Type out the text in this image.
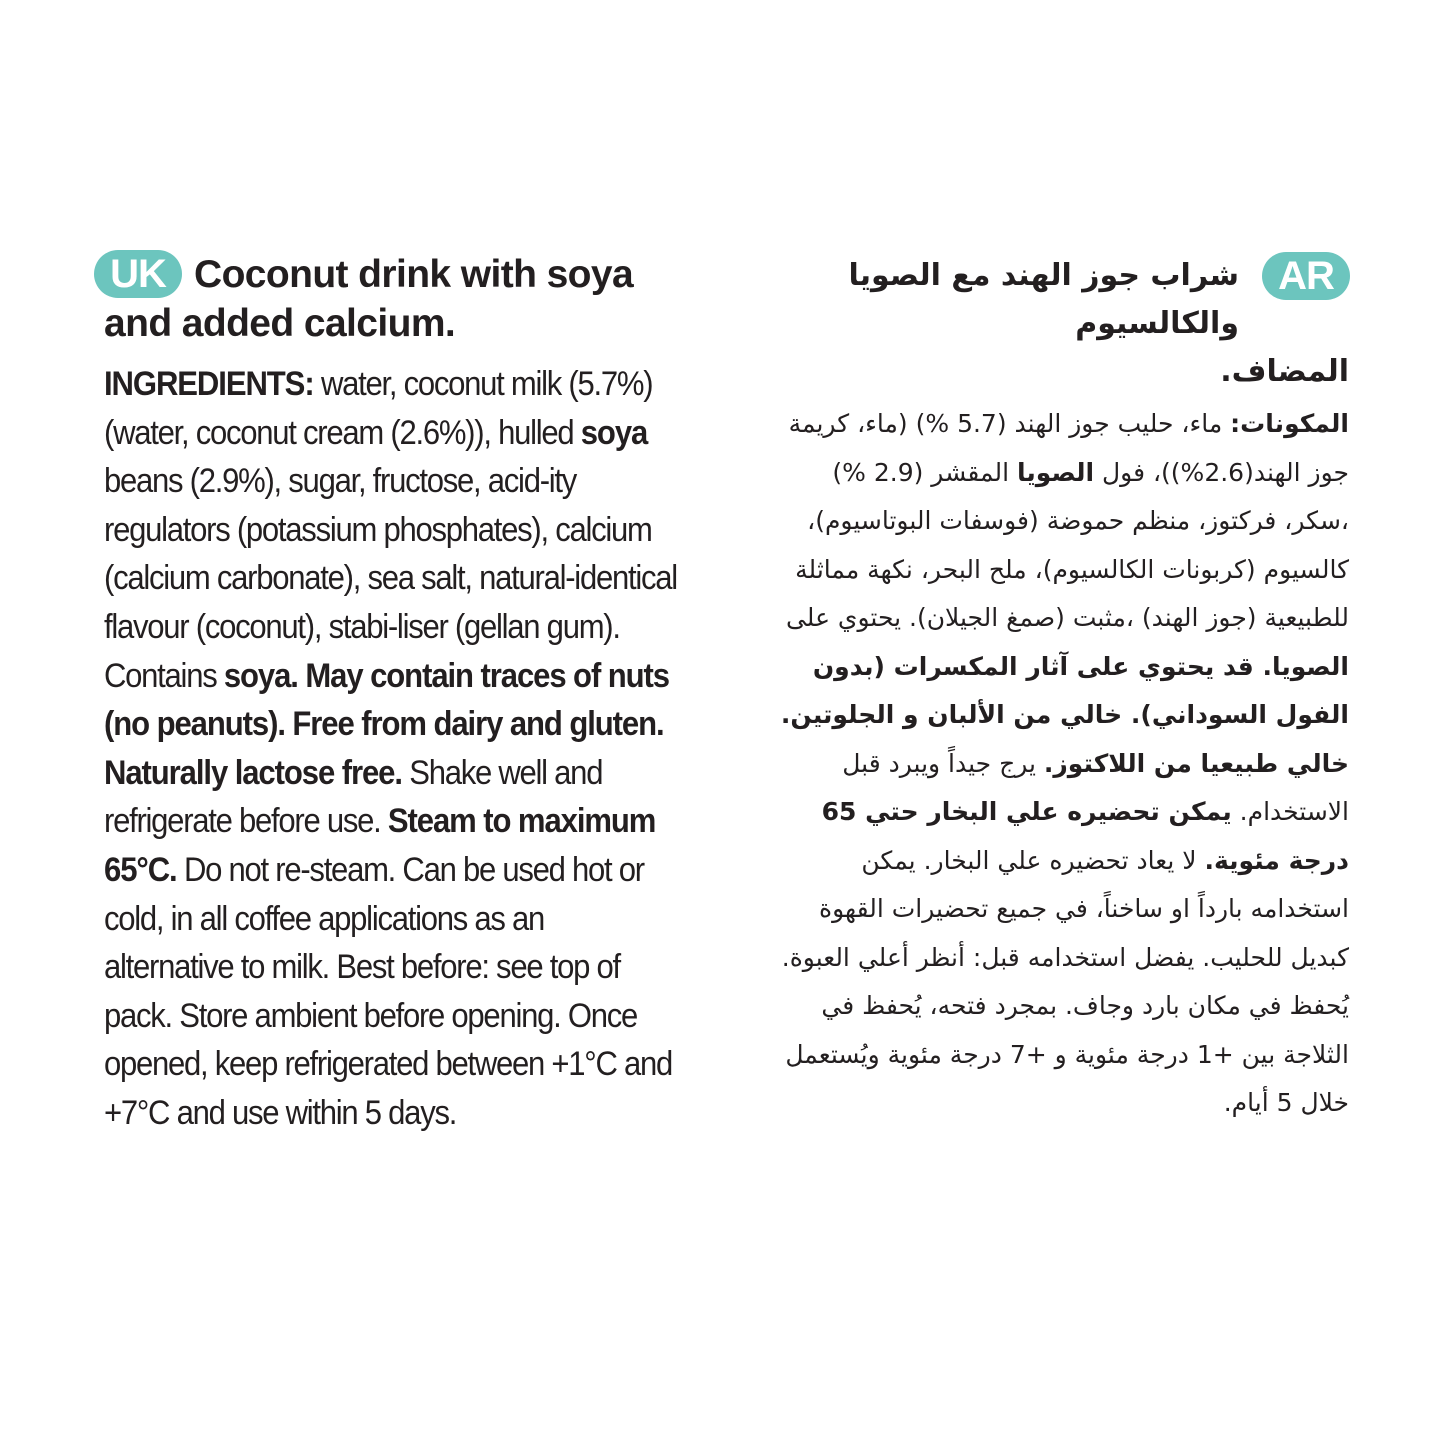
UK	AR

Coconut drink with soya and added calcium.

INGREDIENTS: water, coconut milk (5.7%) (water, coconut cream (2.6%)), hulled soya beans (2.9%), sugar, fructose, acid-ity regulators (potassium phosphates), calcium (calcium carbonate), sea salt, natural-identical flavour (coconut), stabi-liser (gellan gum). Contains soya. May contain traces of nuts (no peanuts). Free from dairy and gluten. Naturally lactose free. Shake well and refrigerate before use. Steam to maximum 65°C. Do not re-steam. Can be used hot or cold, in all coffee applications as an alternative to milk. Best before: see top of pack. Store ambient before opening. Once opened, keep refrigerated between +1°C and +7°C and use within 5 days.

شراب جوز الهند مع الصويا والكالسيوم

المضاف.

المكونات: ماء، حليب جوز الهند (5.7 %) (ماء، كريمة جوز الهند(2.6%))، فول الصويا المقشر (2.9 %) ،سكر، فركتوز، منظم حموضة (فوسفات البوتاسيوم)، كالسيوم (كربونات الكالسيوم)، ملح البحر، نكهة مماثلة للطبيعية (جوز الهند) ،مثبت (صمغ الجيلان). يحتوي على الصويا. قد يحتوي على آثار المكسرات (بدون الفول السوداني). خالي من الألبان و الجلوتين. خالي طبيعيا من اللاكتوز. يرج جيداً ويبرد قبل الاستخدام. يمكن تحضيره علي البخار حتي 65 درجة مئوية. لا يعاد تحضيره علي البخار. يمكن استخدامه بارداً او ساخناً، في جميع تحضيرات القهوة كبديل للحليب. يفضل استخدامه قبل: أنظر أعلي العبوة. يُحفظ في مكان بارد وجاف. بمجرد فتحه، يُحفظ في الثلاجة بين +1 درجة مئوية و +7 درجة مئوية ويُستعمل خلال 5 أيام.
